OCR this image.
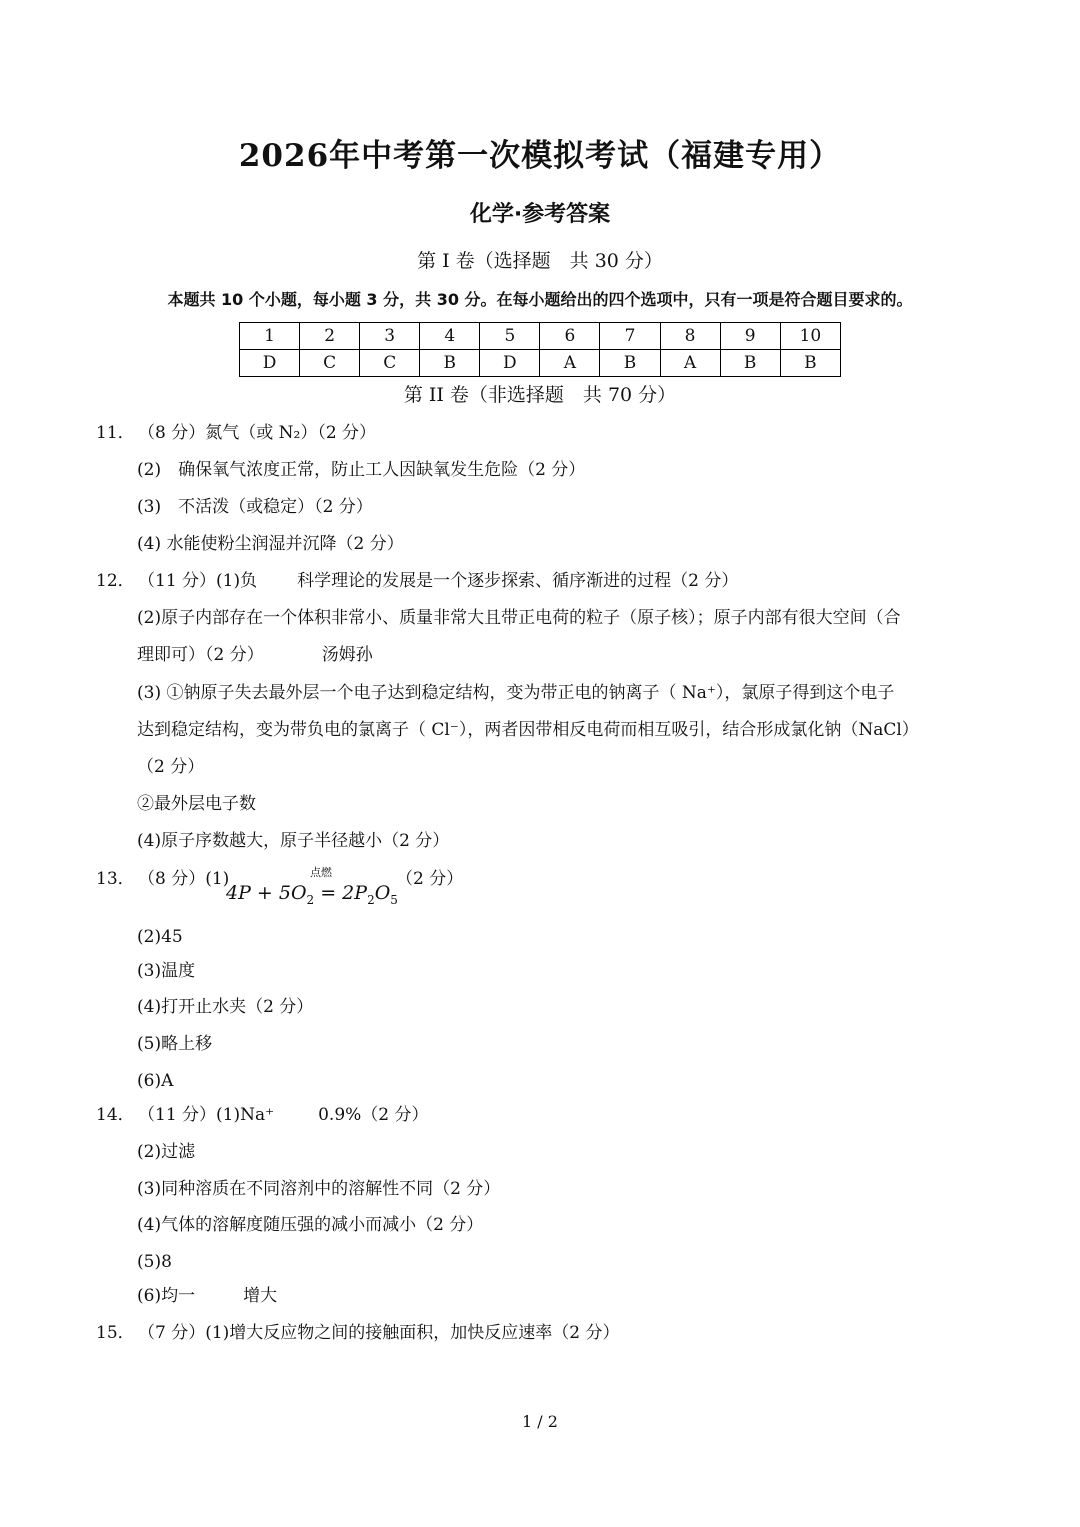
2026年中考第一次模拟考试（福建专用）
化学·参考答案
第 I 卷（选择题　共 30 分）
本题共 10 个小题，每小题 3 分，共 30 分。在每小题给出的四个选项中，只有一项是符合题目要求的。
1	2	3	4	5	6	7	8	9	10
D	C	C	B	D	A	B	A	B	B
第 II 卷（非选择题　共 70 分）
11． （8 分）氮气（或 N₂）（2 分）
(2)　确保氧气浓度正常，防止工人因缺氧发生危险（2 分）
(3)　不活泼（或稳定）（2 分）
(4) 水能使粉尘润湿并沉降（2 分）
12． （11 分）(1)负 科学理论的发展是一个逐步探索、循序渐进的过程（2 分）
(2)原子内部存在一个体积非常小、质量非常大且带正电荷的粒子（原子核）；原子内部有很大空间（合
理即可）（2 分）	汤姆孙
(3) ①钠原子失去最外层一个电子达到稳定结构，变为带正电的钠离子（ Na⁺），氯原子得到这个电子
达到稳定结构，变为带负电的氯离子（ Cl⁻），两者因带相反电荷而相互吸引，结合形成氯化钠（NaCl）
（2 分）
②最外层电子数
(4)原子序数越大，原子半径越小（2 分）
13． （8 分）(1)	点燃
$4P + 5O_2 = 2P_2O_5$
（2 分）
(2)45
(3)温度
(4)打开止水夹（2 分）
(5)略上移
(6)A
14． （11 分）(1)Na⁺	0.9%（2 分）
(2)过滤
(3)同种溶质在不同溶剂中的溶解性不同（2 分）
(4)气体的溶解度随压强的减小而减小（2 分）
(5)8
(6)均一	增大
15． （7 分）(1)增大反应物之间的接触面积，加快反应速率（2 分）
1 / 2
